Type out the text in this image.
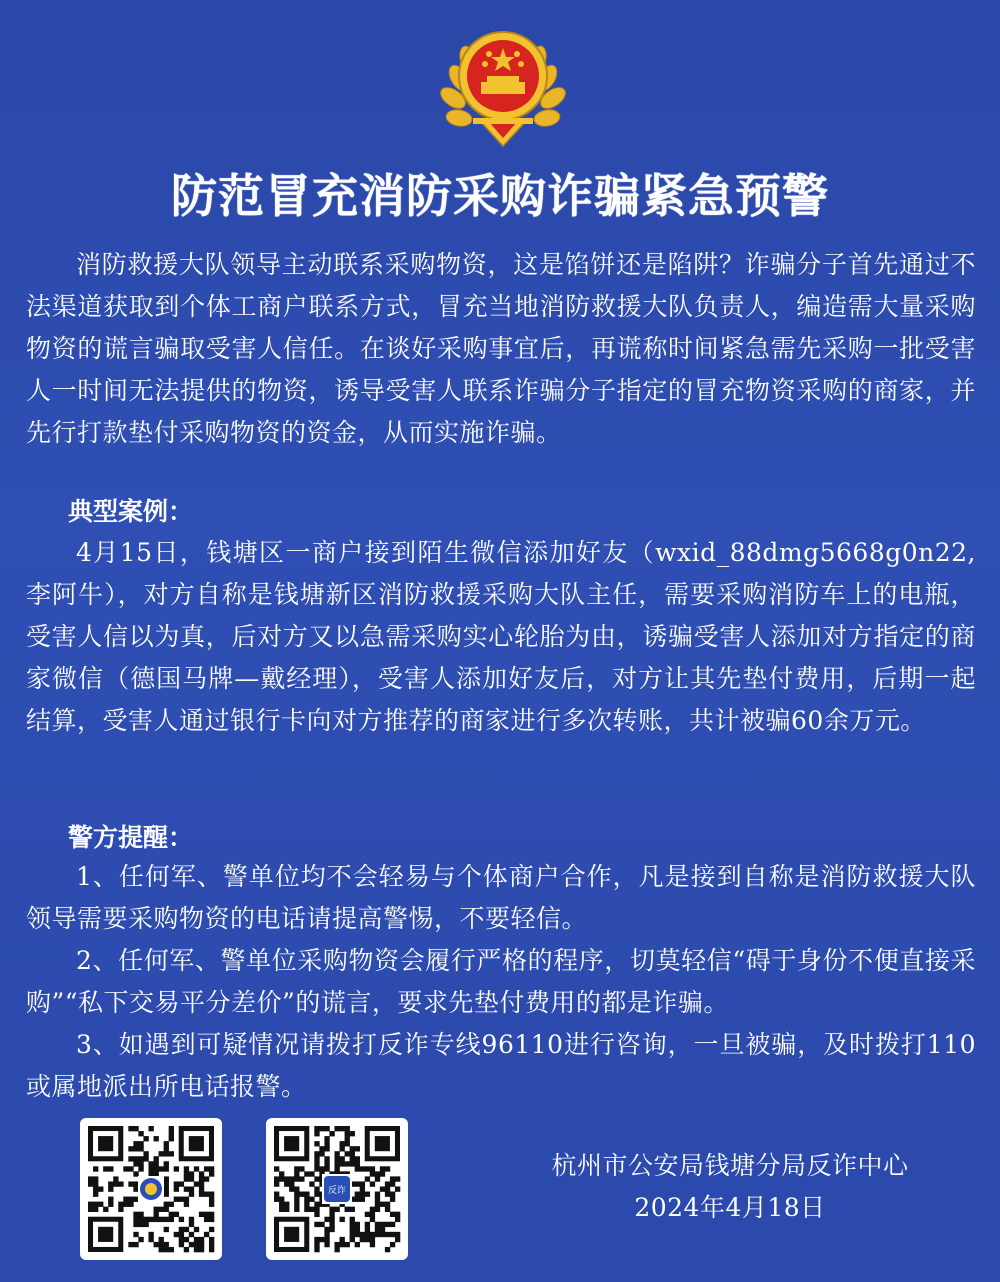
防范冒充消防采购诈骗紧急预警

消防救援大队领导主动联系采购物资，这是馅饼还是陷阱？诈骗分子首先通过不法渠道获取到个体工商户联系方式，冒充当地消防救援大队负责人，编造需大量采购物资的谎言骗取受害人信任。在谈好采购事宜后，再谎称时间紧急需先采购一批受害人一时间无法提供的物资，诱导受害人联系诈骗分子指定的冒充物资采购的商家，并先行打款垫付采购物资的资金，从而实施诈骗。

典型案例：

4月15日，钱塘区一商户接到陌生微信添加好友（wxid_88dmg5668g0n22,李阿牛），对方自称是钱塘新区消防救援采购大队主任，需要采购消防车上的电瓶，受害人信以为真，后对方又以急需采购实心轮胎为由，诱骗受害人添加对方指定的商家微信（德国马牌—戴经理），受害人添加好友后，对方让其先垫付费用，后期一起结算，受害人通过银行卡向对方推荐的商家进行多次转账，共计被骗60余万元。

警方提醒：

1、任何军、警单位均不会轻易与个体商户合作，凡是接到自称是消防救援大队领导需要采购物资的电话请提高警惕，不要轻信。

2、任何军、警单位采购物资会履行严格的程序，切莫轻信“碍于身份不便直接采购”“私下交易平分差价”的谎言，要求先垫付费用的都是诈骗。

3、如遇到可疑情况请拨打反诈专线96110进行咨询，一旦被骗，及时拨打110或属地派出所电话报警。

反诈
杭州市公安局钱塘分局反诈中心
2024年4月18日
